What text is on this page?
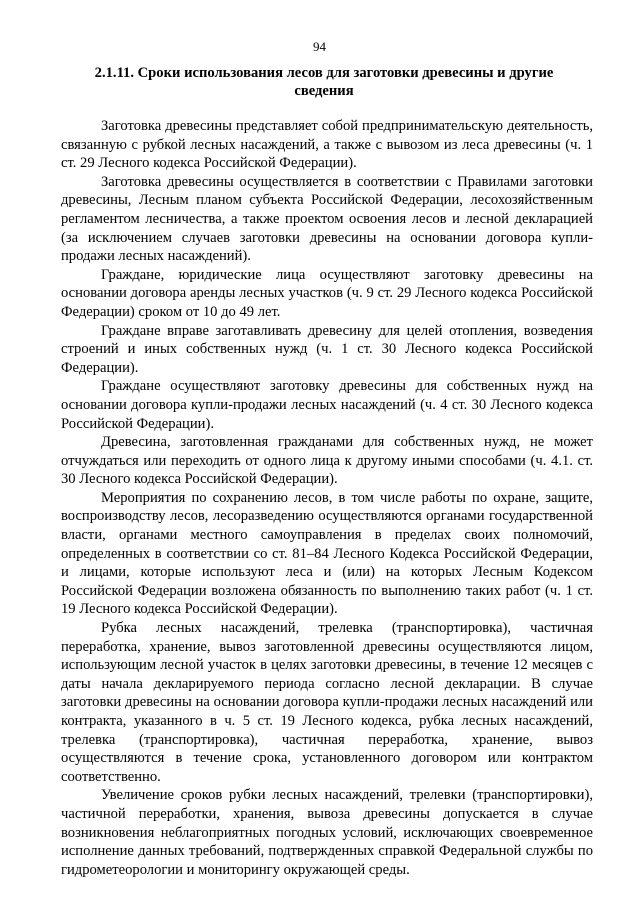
94
2.1.11. Сроки использования лесов для заготовки древесины и другие сведения

Заготовка древесины представляет собой предпринимательскую деятельность, связанную с рубкой лесных насаждений, а также с вывозом из леса древесины (ч. 1 ст. 29 Лесного кодекса Российской Федерации).

Заготовка древесины осуществляется в соответствии с Правилами заготовки древесины, Лесным планом субъекта Российской Федерации, лесохозяйственным регламентом лесничества, а также проектом освоения лесов и лесной декларацией (за исключением случаев заготовки древесины на основании договора купли-продажи лесных насаждений).

Граждане, юридические лица осуществляют заготовку древесины на основании договора аренды лесных участков (ч. 9 ст. 29 Лесного кодекса Российской Федерации) сроком от 10 до 49 лет.

Граждане вправе заготавливать древесину для целей отопления, возведения строений и иных собственных нужд (ч. 1 ст. 30 Лесного кодекса Российской Федерации).

Граждане осуществляют заготовку древесины для собственных нужд на основании договора купли-продажи лесных насаждений (ч. 4 ст. 30 Лесного кодекса Российской Федерации).

Древесина, заготовленная гражданами для собственных нужд, не может отчуждаться или переходить от одного лица к другому иными способами (ч. 4.1. ст. 30 Лесного кодекса Российской Федерации).

Мероприятия по сохранению лесов, в том числе работы по охране, защите, воспроизводству лесов, лесоразведению осуществляются органами государственной власти, органами местного самоуправления в пределах своих полномочий, определенных в соответствии со ст. 81–84 Лесного Кодекса Российской Федерации, и лицами, которые используют леса и (или) на которых Лесным Кодексом Российской Федерации возложена обязанность по выполнению таких работ (ч. 1 ст. 19 Лесного кодекса Российской Федерации).

Рубка лесных насаждений, трелевка (транспортировка), частичная переработка, хранение, вывоз заготовленной древесины осуществляются лицом, использующим лесной участок в целях заготовки древесины, в течение 12 месяцев с даты начала декларируемого периода согласно лесной декларации. В случае заготовки древесины на основании договора купли-продажи лесных насаждений или контракта, указанного в ч. 5 ст. 19 Лесного кодекса, рубка лесных насаждений, трелевка (транспортировка), частичная переработка, хранение, вывоз осуществляются в течение срока, установленного договором или контрактом соответственно.

Увеличение сроков рубки лесных насаждений, трелевки (транспортировки), частичной переработки, хранения, вывоза древесины допускается в случае возникновения неблагоприятных погодных условий, исключающих своевременное исполнение данных требований, подтвержденных справкой Федеральной службы по гидрометеорологии и мониторингу окружающей среды.
